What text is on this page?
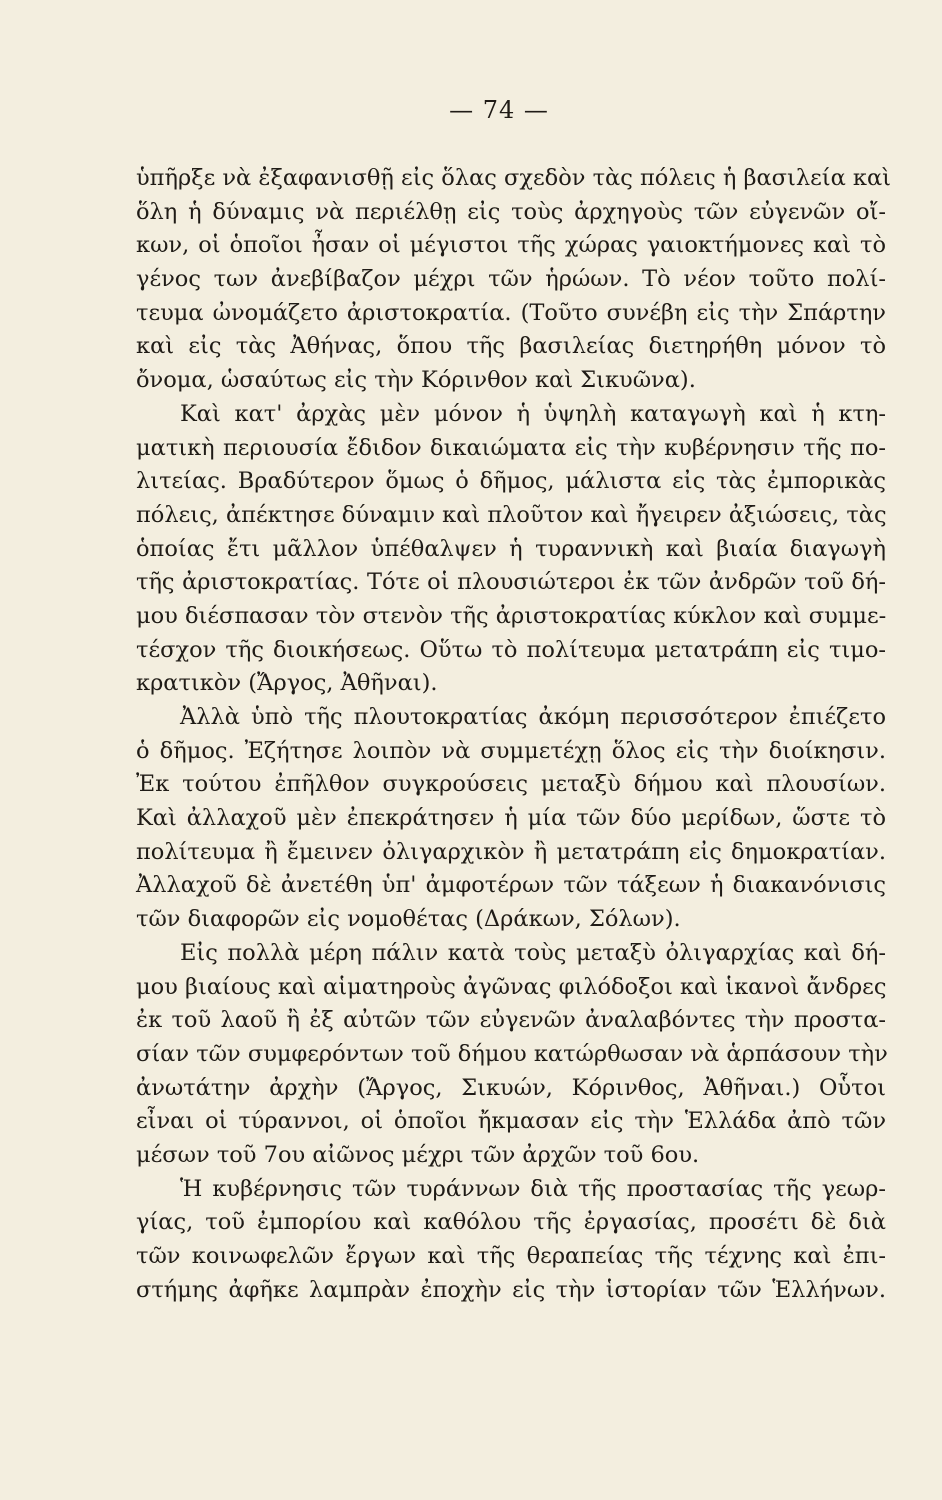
— 74 —
ὑπῆρξε νὰ ἐξαφανισθῇ εἰς ὅλας σχεδὸν τὰς πόλεις ἡ βασιλεία καὶ
ὅλη ἡ δύναμις νὰ περιέλθῃ εἰς τοὺς ἀρχηγοὺς τῶν εὐγενῶν οἴ-
κων, οἱ ὁποῖοι ἦσαν οἱ μέγιστοι τῆς χώρας γαιοκτήμονες καὶ τὸ
γένος των ἀνεβίβαζον μέχρι τῶν ἡρώων. Τὸ νέον τοῦτο πολί-
τευμα ὠνομάζετο ἀριστοκρατία. (Τοῦτο συνέβη εἰς τὴν Σπάρτην
καὶ εἰς τὰς Ἀθήνας, ὅπου τῆς βασιλείας διετηρήθη μόνον τὸ
ὄνομα, ὡσαύτως εἰς τὴν Κόρινθον καὶ Σικυῶνα).
Καὶ κατ' ἀρχὰς μὲν μόνον ἡ ὑψηλὴ καταγωγὴ καὶ ἡ κτη-
ματικὴ περιουσία ἔδιδον δικαιώματα εἰς τὴν κυβέρνησιν τῆς πο-
λιτείας. Βραδύτερον ὅμως ὁ δῆμος, μάλιστα εἰς τὰς ἐμπορικὰς
πόλεις, ἀπέκτησε δύναμιν καὶ πλοῦτον καὶ ἤγειρεν ἀξιώσεις, τὰς
ὁποίας ἔτι μᾶλλον ὑπέθαλψεν ἡ τυραννικὴ καὶ βιαία διαγωγὴ
τῆς ἀριστοκρατίας. Τότε οἱ πλουσιώτεροι ἐκ τῶν ἀνδρῶν τοῦ δή-
μου διέσπασαν τὸν στενὸν τῆς ἀριστοκρατίας κύκλον καὶ συμμε-
τέσχον τῆς διοικήσεως. Οὕτω τὸ πολίτευμα μετατράπη εἰς τιμο-
κρατικὸν (Ἄργος, Ἀθῆναι).
Ἀλλὰ ὑπὸ τῆς πλουτοκρατίας ἀκόμη περισσότερον ἐπιέζετο
ὁ δῆμος. Ἐζήτησε λοιπὸν νὰ συμμετέχῃ ὅλος εἰς τὴν διοίκησιν.
Ἐκ τούτου ἐπῆλθον συγκρούσεις μεταξὺ δήμου καὶ πλουσίων.
Καὶ ἀλλαχοῦ μὲν ἐπεκράτησεν ἡ μία τῶν δύο μερίδων, ὥστε τὸ
πολίτευμα ἢ ἔμεινεν ὀλιγαρχικὸν ἢ μετατράπη εἰς δημοκρατίαν.
Ἀλλαχοῦ δὲ ἀνετέθη ὑπ' ἀμφοτέρων τῶν τάξεων ἡ διακανόνισις
τῶν διαφορῶν εἰς νομοθέτας (Δράκων, Σόλων).
Εἰς πολλὰ μέρη πάλιν κατὰ τοὺς μεταξὺ ὀλιγαρχίας καὶ δή-
μου βιαίους καὶ αἱματηροὺς ἀγῶνας φιλόδοξοι καὶ ἱκανοὶ ἄνδρες
ἐκ τοῦ λαοῦ ἢ ἐξ αὐτῶν τῶν εὐγενῶν ἀναλαβόντες τὴν προστα-
σίαν τῶν συμφερόντων τοῦ δήμου κατώρθωσαν νὰ ἁρπάσουν τὴν
ἀνωτάτην ἀρχὴν (Ἄργος, Σικυών, Κόρινθος, Ἀθῆναι.) Οὗτοι
εἶναι οἱ τύραννοι, οἱ ὁποῖοι ἤκμασαν εἰς τὴν Ἑλλάδα ἀπὸ τῶν
μέσων τοῦ 7ου αἰῶνος μέχρι τῶν ἀρχῶν τοῦ 6ου.
Ἡ κυβέρνησις τῶν τυράννων διὰ τῆς προστασίας τῆς γεωρ-
γίας, τοῦ ἐμπορίου καὶ καθόλου τῆς ἐργασίας, προσέτι δὲ διὰ
τῶν κοινωφελῶν ἔργων καὶ τῆς θεραπείας τῆς τέχνης καὶ ἐπι-
στήμης ἀφῆκε λαμπρὰν ἐποχὴν εἰς τὴν ἱστορίαν τῶν Ἑλλήνων.
